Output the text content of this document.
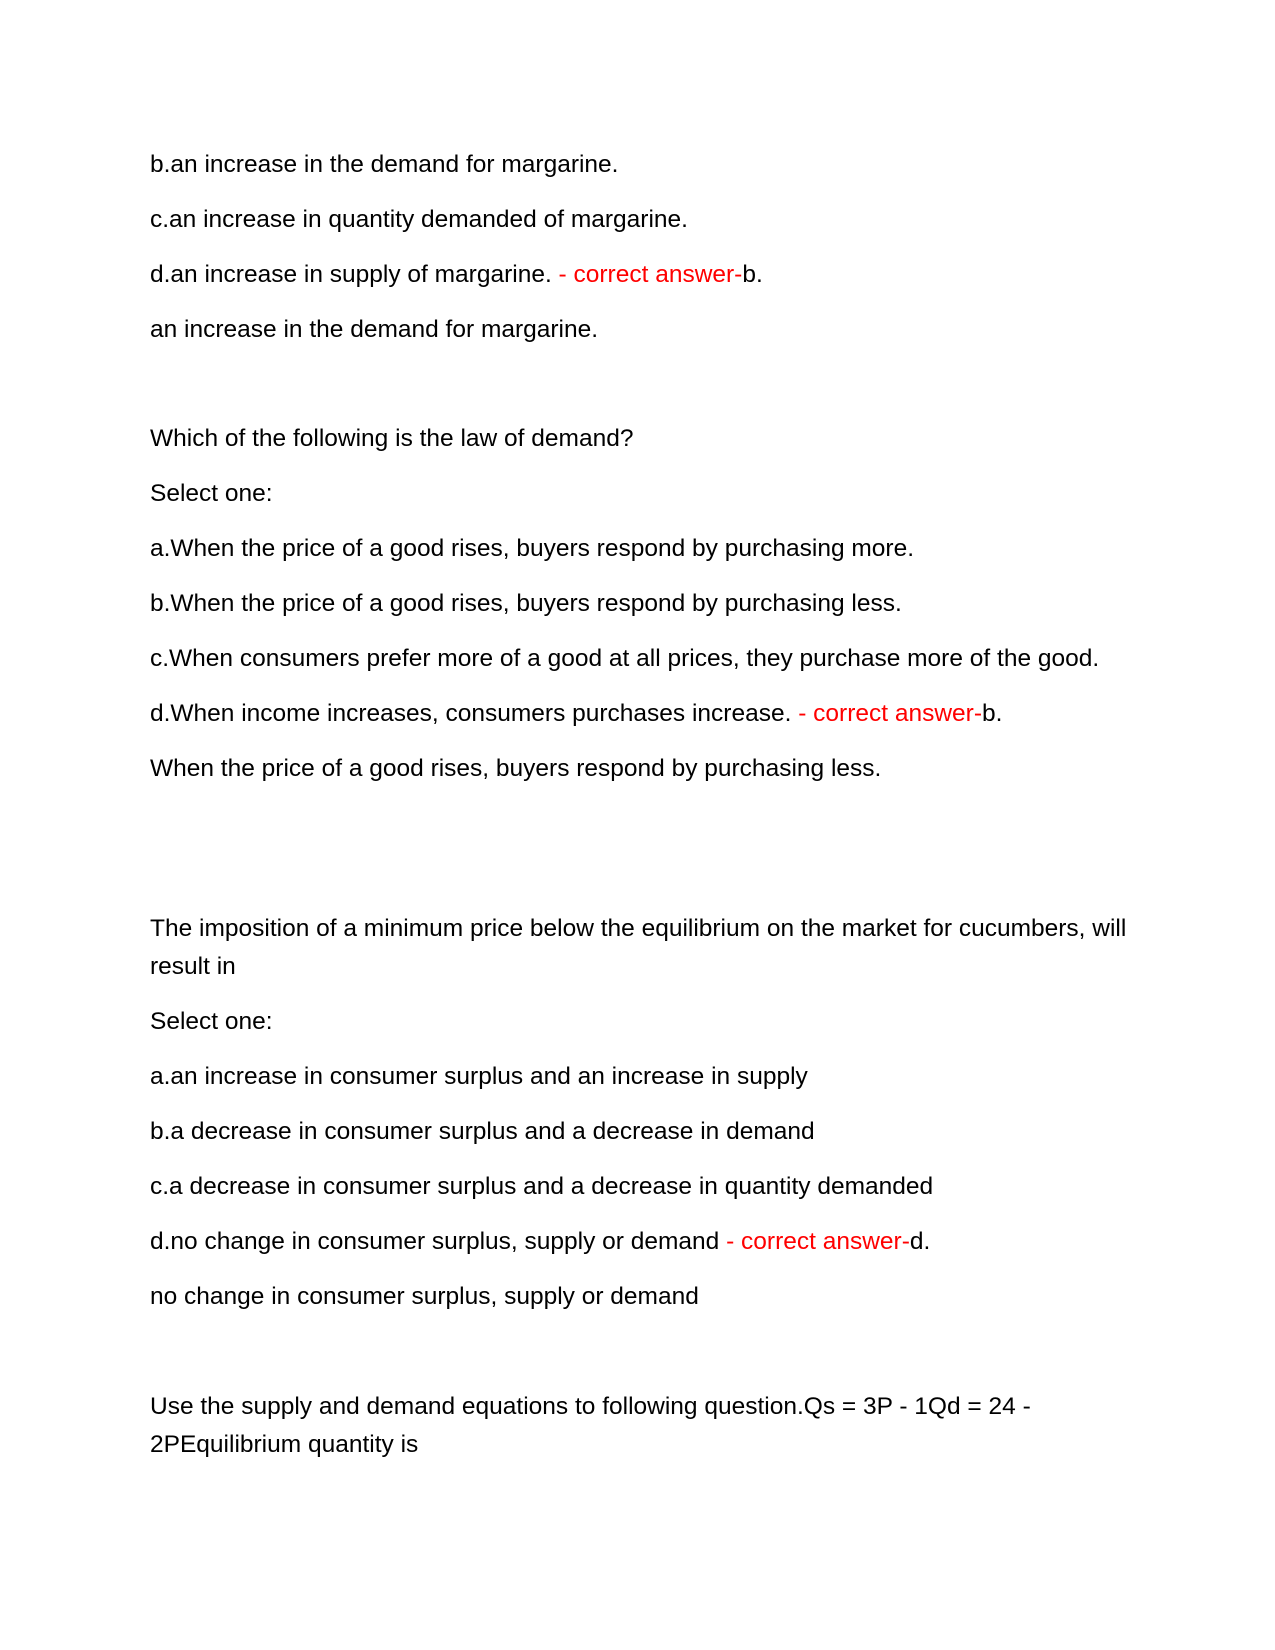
b.an increase in the demand for margarine.

c.an increase in quantity demanded of margarine.

d.an increase in supply of margarine. - correct answer-b.

an increase in the demand for margarine.

Which of the following is the law of demand?

Select one:

a.When the price of a good rises, buyers respond by purchasing more.

b.When the price of a good rises, buyers respond by purchasing less.

c.When consumers prefer more of a good at all prices, they purchase more of the good.

d.When income increases, consumers purchases increase. - correct answer-b.

When the price of a good rises, buyers respond by purchasing less.

The imposition of a minimum price below the equilibrium on the market for cucumbers, will result in

Select one:

a.an increase in consumer surplus and an increase in supply

b.a decrease in consumer surplus and a decrease in demand

c.a decrease in consumer surplus and a decrease in quantity demanded

d.no change in consumer surplus, supply or demand - correct answer-d.

no change in consumer surplus, supply or demand

Use the supply and demand equations to following question.Qs = 3P - 1Qd = 24 - 2PEquilibrium quantity is
